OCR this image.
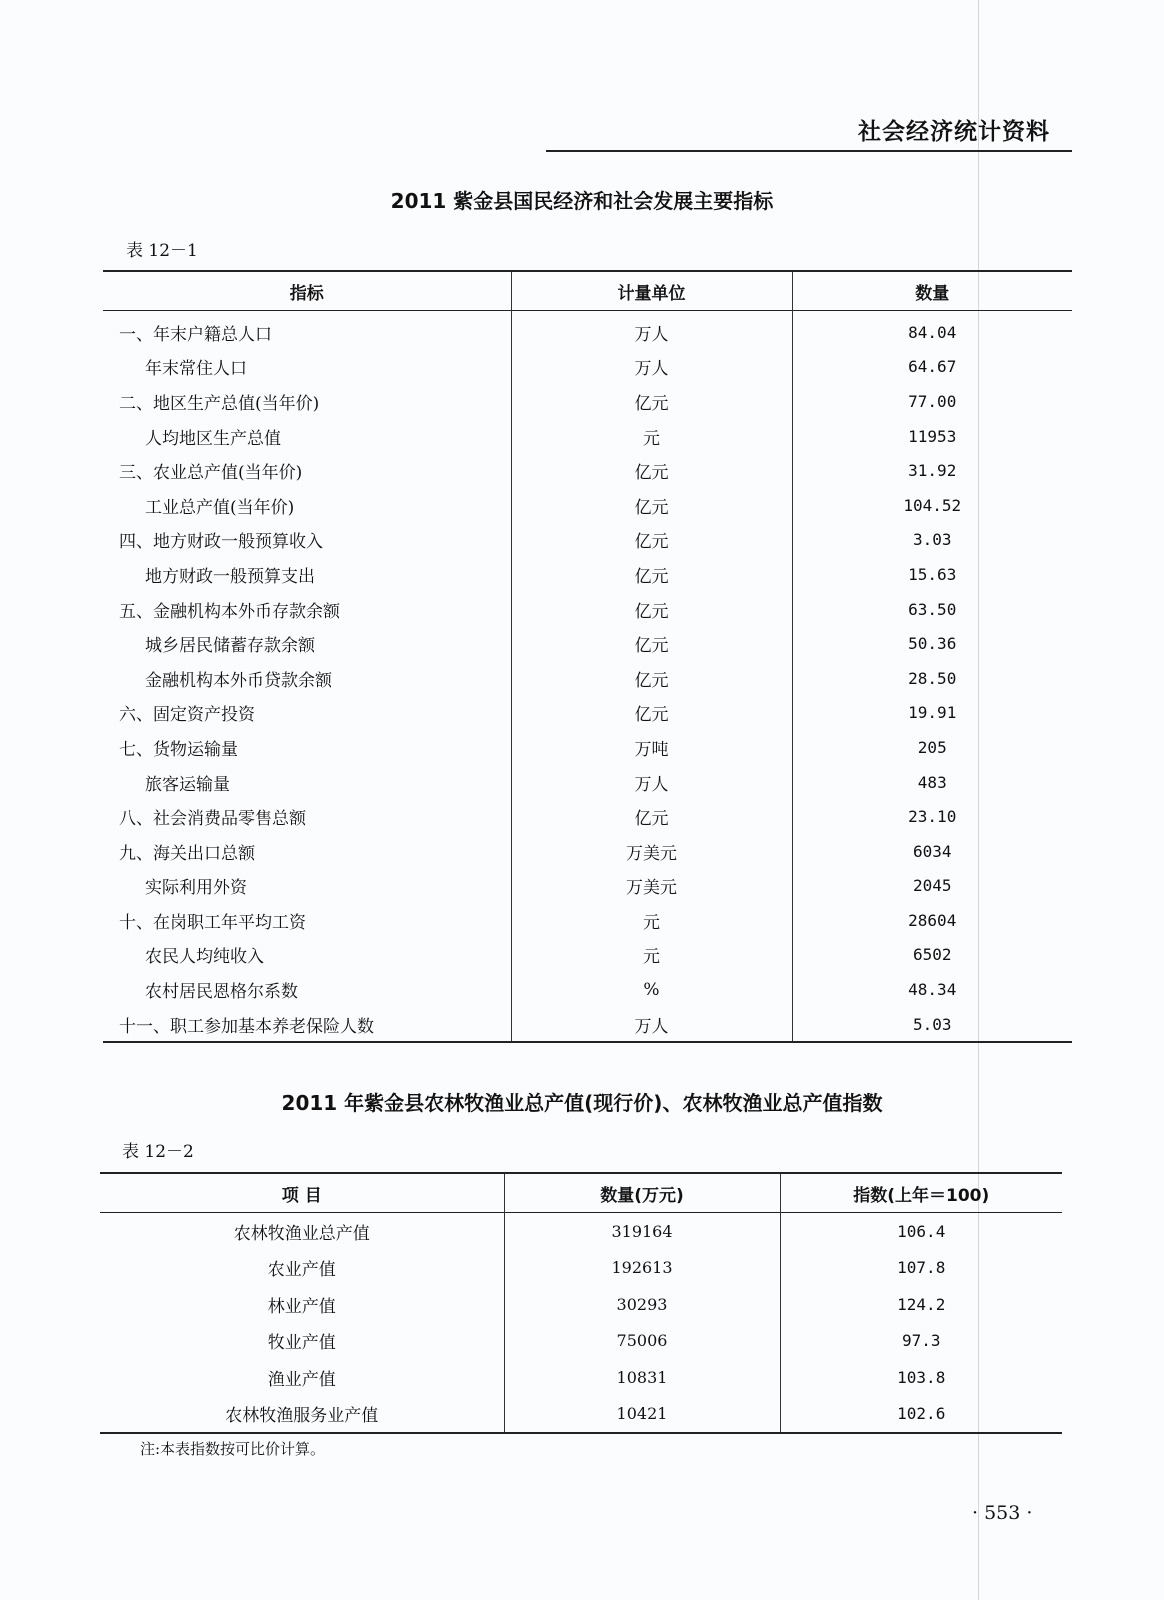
社会经济统计资料
2011 紫金县国民经济和社会发展主要指标
表 12－1
指标	计量单位	数量
一、年末户籍总人口	万人	84.04
年末常住人口	万人	64.67
二、地区生产总值(当年价)	亿元	77.00
人均地区生产总值	元	11953
三、农业总产值(当年价)	亿元	31.92
工业总产值(当年价)	亿元	104.52
四、地方财政一般预算收入	亿元	3.03
地方财政一般预算支出	亿元	15.63
五、金融机构本外币存款余额	亿元	63.50
城乡居民储蓄存款余额	亿元	50.36
金融机构本外币贷款余额	亿元	28.50
六、固定资产投资	亿元	19.91
七、货物运输量	万吨	205
旅客运输量	万人	483
八、社会消费品零售总额	亿元	23.10
九、海关出口总额	万美元	6034
实际利用外资	万美元	2045
十、在岗职工年平均工资	元	28604
农民人均纯收入	元	6502
农村居民恩格尔系数	%	48.34
十一、职工参加基本养老保险人数	万人	5.03
2011 年紫金县农林牧渔业总产值(现行价)、农林牧渔业总产值指数
表 12－2
项 目	数量(万元)	指数(上年＝100)
农林牧渔业总产值	319164	106.4
农业产值	192613	107.8
林业产值	30293	124.2
牧业产值	75006	97.3
渔业产值	10831	103.8
农林牧渔服务业产值	10421	102.6
注:本表指数按可比价计算。
· 553 ·
